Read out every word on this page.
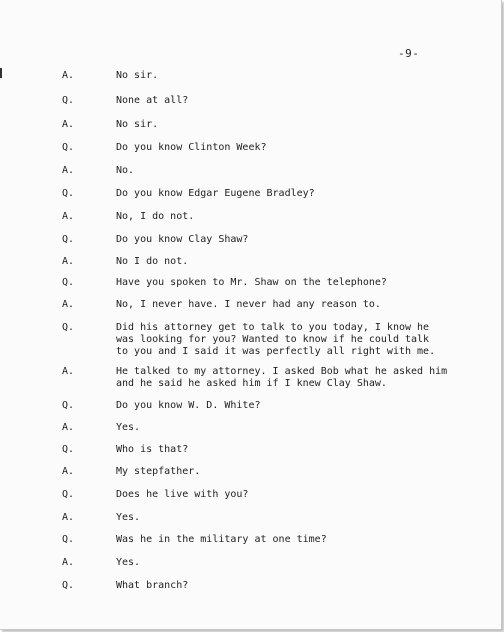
-9-
A.	No sir.
Q.	None at all?
A.	No sir.
Q.	Do you know Clinton Week?
A.	No.
Q.	Do you know Edgar Eugene Bradley?
A.	No, I do not.
Q.	Do you know Clay Shaw?
A.	No I do not.
Q.	Have you spoken to Mr. Shaw on the telephone?
A.	No, I never have. I never had any reason to.
Q.	Did his attorney get to talk to you today, I know he
was looking for you? Wanted to know if he could talk
to you and I said it was perfectly all right with me.
A.	He talked to my attorney. I asked Bob what he asked him
and he said he asked him if I knew Clay Shaw.
Q.	Do you know W. D. White?
A.	Yes.
Q.	Who is that?
A.	My stepfather.
Q.	Does he live with you?
A.	Yes.
Q.	Was he in the military at one time?
A.	Yes.
Q.	What branch?
